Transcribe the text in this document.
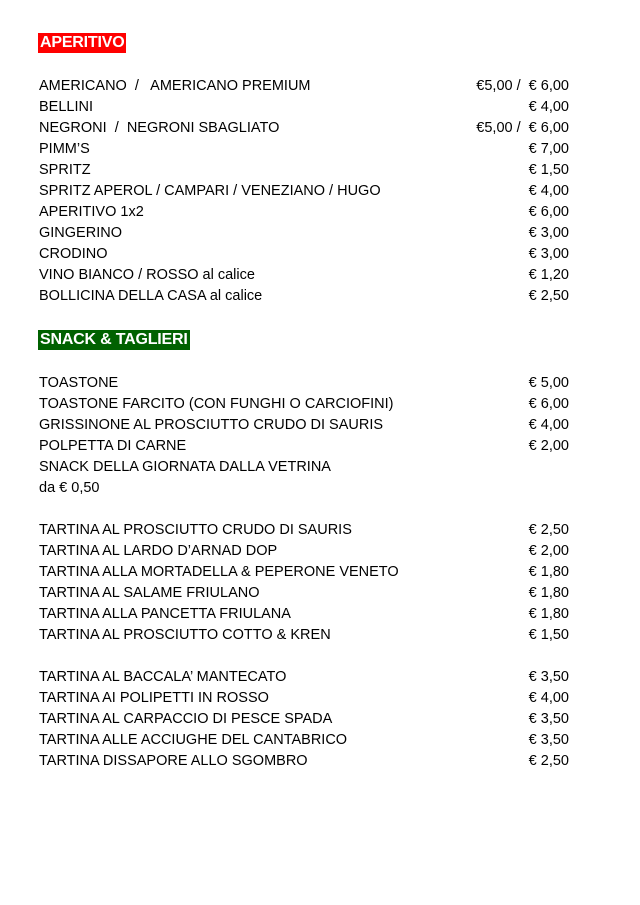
APERITIVO
AMERICANO  /   AMERICANO PREMIUM	€5,00 /  € 6,00
BELLINI	€ 4,00
NEGRONI  /  NEGRONI SBAGLIATO	€5,00 /  € 6,00
PIMM’S	€ 7,00
SPRITZ	€ 1,50
SPRITZ APEROL / CAMPARI / VENEZIANO / HUGO	€ 4,00
APERITIVO 1x2	€ 6,00
GINGERINO	€ 3,00
CRODINO	€ 3,00
VINO BIANCO / ROSSO al calice	€ 1,20
BOLLICINA DELLA CASA al calice	€ 2,50
SNACK & TAGLIERI
TOASTONE	€ 5,00
TOASTONE FARCITO (CON FUNGHI O CARCIOFINI)	€ 6,00
GRISSINONE AL PROSCIUTTO CRUDO DI SAURIS	€ 4,00
POLPETTA DI CARNE	€ 2,00
SNACK DELLA GIORNATA DALLA VETRINA
da € 0,50
TARTINA AL PROSCIUTTO CRUDO DI SAURIS	€ 2,50
TARTINA AL LARDO D’ARNAD DOP	€ 2,00
TARTINA ALLA MORTADELLA & PEPERONE VENETO	€ 1,80
TARTINA AL SALAME FRIULANO	€ 1,80
TARTINA ALLA PANCETTA FRIULANA	€ 1,80
TARTINA AL PROSCIUTTO COTTO & KREN	€ 1,50
TARTINA AL BACCALA’ MANTECATO	€ 3,50
TARTINA AI POLIPETTI IN ROSSO	€ 4,00
TARTINA AL CARPACCIO DI PESCE SPADA	€ 3,50
TARTINA ALLE ACCIUGHE DEL CANTABRICO	€ 3,50
TARTINA DISSAPORE ALLO SGOMBRO	€ 2,50
